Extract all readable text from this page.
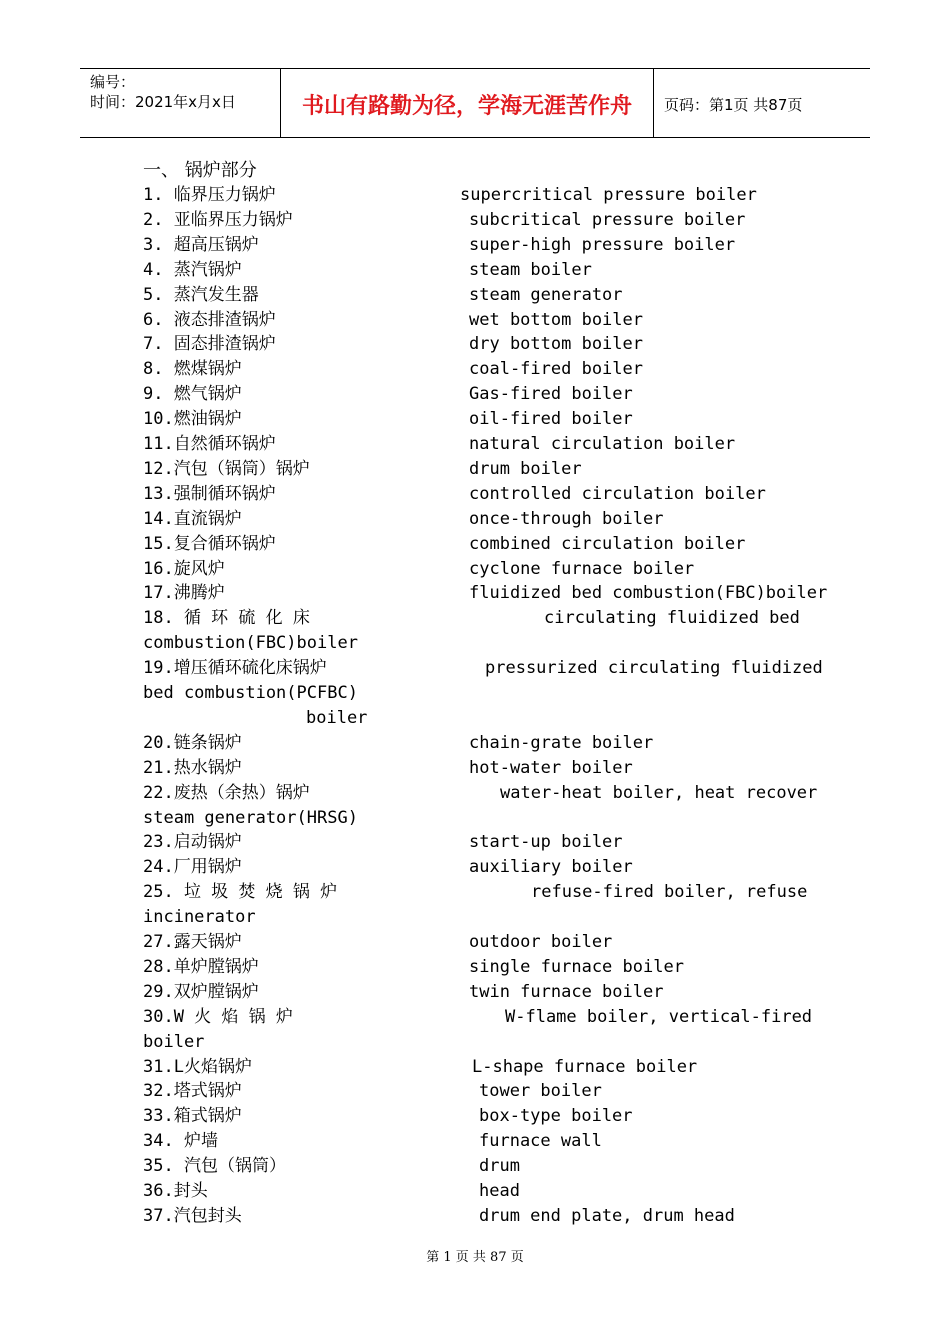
编号：
时间：2021年x月x日	书山有路勤为径，学海无涯苦作舟	页码：第1页 共87页
一、 锅炉部分
1. 临界压力锅炉	supercritical pressure boiler
2. 亚临界压力锅炉	subcritical pressure boiler
3. 超高压锅炉	super-high pressure boiler
4. 蒸汽锅炉	steam boiler
5. 蒸汽发生器	steam generator
6. 液态排渣锅炉	wet bottom boiler
7. 固态排渣锅炉	dry bottom boiler
8. 燃煤锅炉	coal-fired boiler
9. 燃气锅炉	Gas-fired boiler
10.燃油锅炉	oil-fired boiler
11.自然循环锅炉	natural circulation boiler
12.汽包（锅筒）锅炉	drum boiler
13.强制循环锅炉	controlled circulation boiler
14.直流锅炉	once-through boiler
15.复合循环锅炉	combined circulation boiler
16.旋风炉	cyclone furnace boiler
17.沸腾炉	fluidized bed combustion(FBC)boiler
18. 循 环 硫 化 床	circulating fluidized bed
combustion(FBC)boiler
19.增压循环硫化床锅炉	pressurized circulating fluidized
bed combustion(PCFBC)
boiler
20.链条锅炉	chain-grate boiler
21.热水锅炉	hot-water boiler
22.废热（余热）锅炉	water-heat boiler, heat recover
steam generator(HRSG)
23.启动锅炉	start-up boiler
24.厂用锅炉	auxiliary boiler
25. 垃 圾 焚 烧 锅 炉	refuse-fired boiler, refuse
incinerator
27.露天锅炉	outdoor boiler
28.单炉膛锅炉	single furnace boiler
29.双炉膛锅炉	twin furnace boiler
30.W 火 焰 锅 炉	W-flame boiler, vertical-fired
boiler
31.L火焰锅炉	L-shape furnace boiler
32.塔式锅炉	tower boiler
33.箱式锅炉	box-type boiler
34. 炉墙	furnace wall
35. 汽包（锅筒）	drum
36.封头	head
37.汽包封头	drum end plate, drum head
第 1 页 共 87 页
